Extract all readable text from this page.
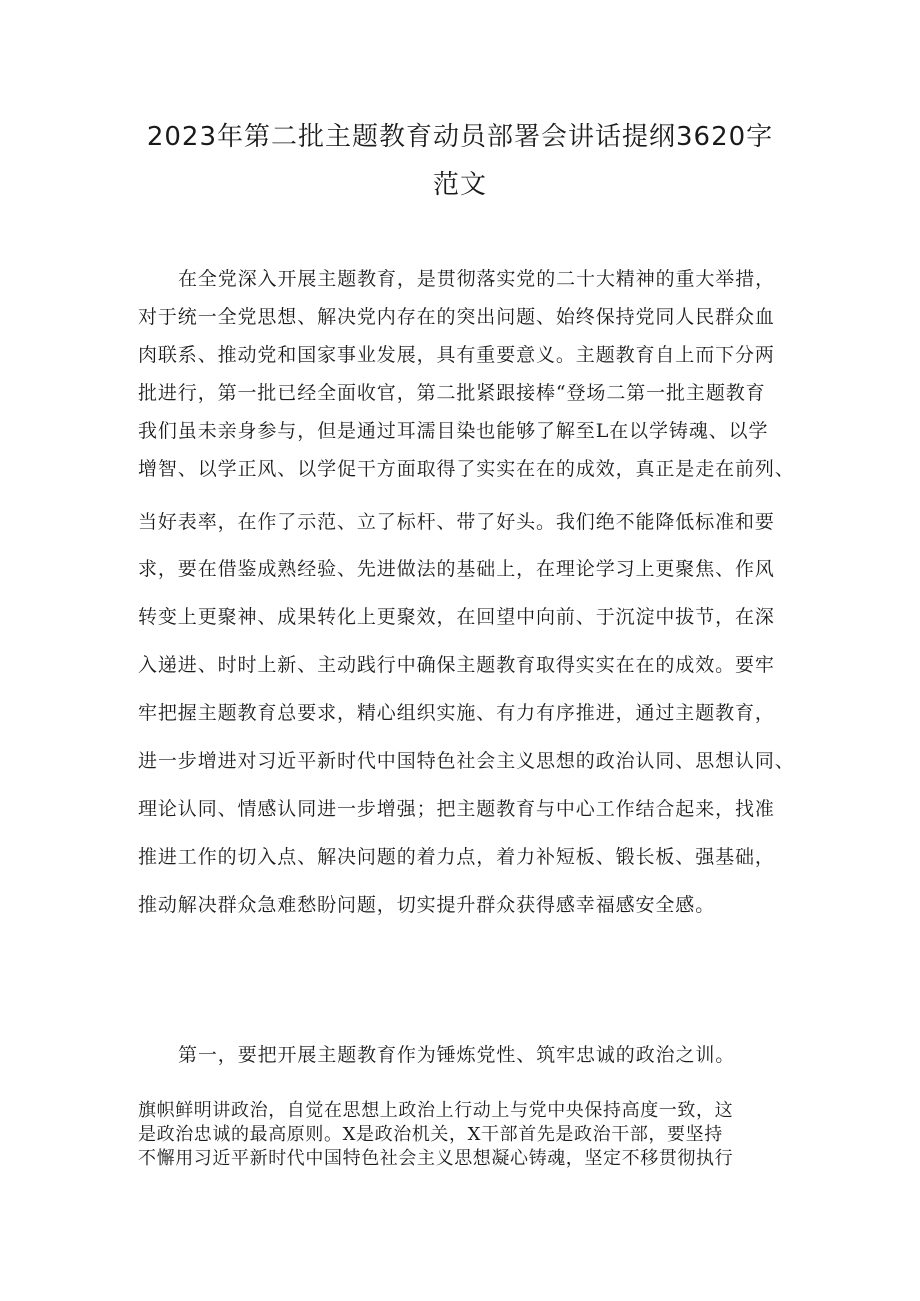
2023年第二批主题教育动员部署会讲话提纲3620字
范文
在全党深入开展主题教育，是贯彻落实党的二十大精神的重大举措，
对于统一全党思想、解决党内存在的突出问题、始终保持党同人民群众血
肉联系、推动党和国家事业发展，具有重要意义。主题教育自上而下分两
批进行，第一批已经全面收官，第二批紧跟接棒“登场二第一批主题教育
我们虽未亲身参与，但是通过耳濡目染也能够了解至L在以学铸魂、以学
增智、以学正风、以学促干方面取得了实实在在的成效，真正是走在前列、
当好表率，在作了示范、立了标杆、带了好头。我们绝不能降低标准和要
求，要在借鉴成熟经验、先进做法的基础上，在理论学习上更聚焦、作风
转变上更聚神、成果转化上更聚效，在回望中向前、于沉淀中拔节，在深
入递进、时时上新、主动践行中确保主题教育取得实实在在的成效。要牢
牢把握主题教育总要求，精心组织实施、有力有序推进，通过主题教育，
进一步增进对习近平新时代中国特色社会主义思想的政治认同、思想认同、
理论认同、情感认同进一步增强；把主题教育与中心工作结合起来，找准
推进工作的切入点、解决问题的着力点，着力补短板、锻长板、强基础，
推动解决群众急难愁盼问题，切实提升群众获得感幸福感安全感。
第一，要把开展主题教育作为锤炼党性、筑牢忠诚的政治之训。
旗帜鲜明讲政治，自觉在思想上政治上行动上与党中央保持高度一致，这
是政治忠诚的最高原则。X是政治机关，X干部首先是政治干部，要坚持
不懈用习近平新时代中国特色社会主义思想凝心铸魂，坚定不移贯彻执行
